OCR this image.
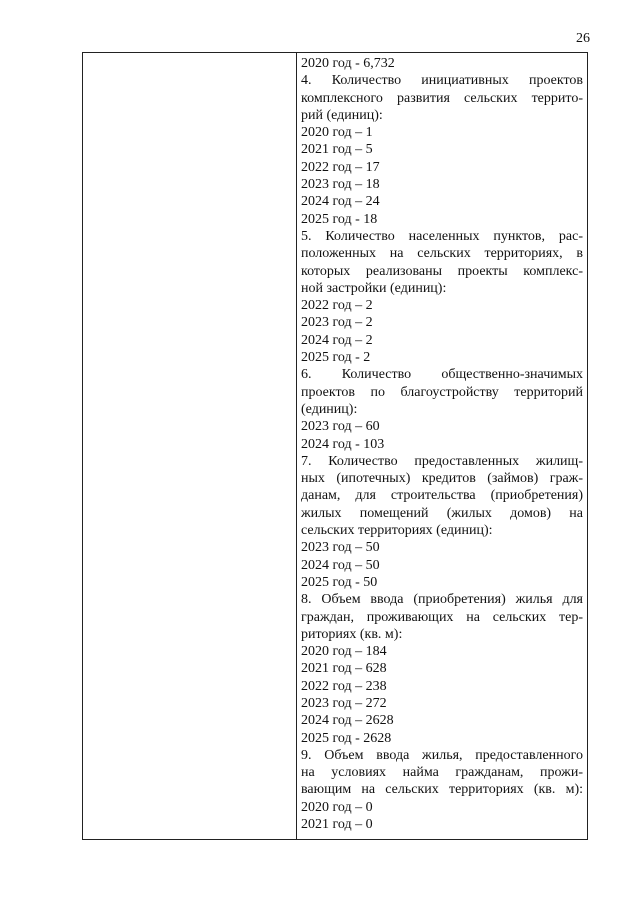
26
2020 год - 6,732
4. Количество инициативных проектов
комплексного развития сельских террито-
рий (единиц):
2020 год – 1
2021 год – 5
2022 год – 17
2023 год – 18
2024 год – 24
2025 год - 18
5. Количество населенных пунктов, рас-
положенных на сельских территориях, в
которых реализованы проекты комплекс-
ной застройки (единиц):
2022 год – 2
2023 год – 2
2024 год – 2
2025 год - 2
6. Количество общественно-значимых
проектов по благоустройству территорий
(единиц):
2023 год – 60
2024 год - 103
7. Количество предоставленных жилищ-
ных (ипотечных) кредитов (займов) граж-
данам, для строительства (приобретения)
жилых помещений (жилых домов) на
сельских территориях (единиц):
2023 год – 50
2024 год – 50
2025 год - 50
8. Объем ввода (приобретения) жилья для
граждан, проживающих на сельских тер-
риториях (кв. м):
2020 год – 184
2021 год – 628
2022 год – 238
2023 год – 272
2024 год – 2628
2025 год - 2628
9. Объем ввода жилья, предоставленного
на условиях найма гражданам, прожи-
вающим на сельских территориях (кв. м):
2020 год – 0
2021 год – 0
